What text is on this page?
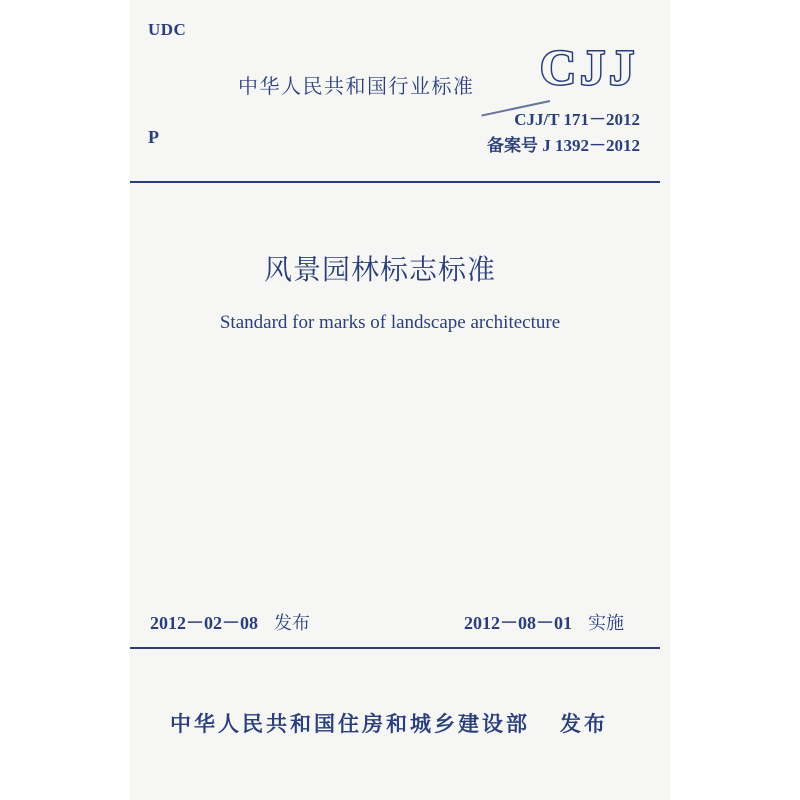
UDC
中华人民共和国行业标准 CJJ
P
CJJ/T 171－2012
备案号 J 1392－2012
风景园林标志标准
Standard for marks of landscape architecture
2012－02－08 发布	2012－08－01 实施
中华人民共和国住房和城乡建设部 发布
